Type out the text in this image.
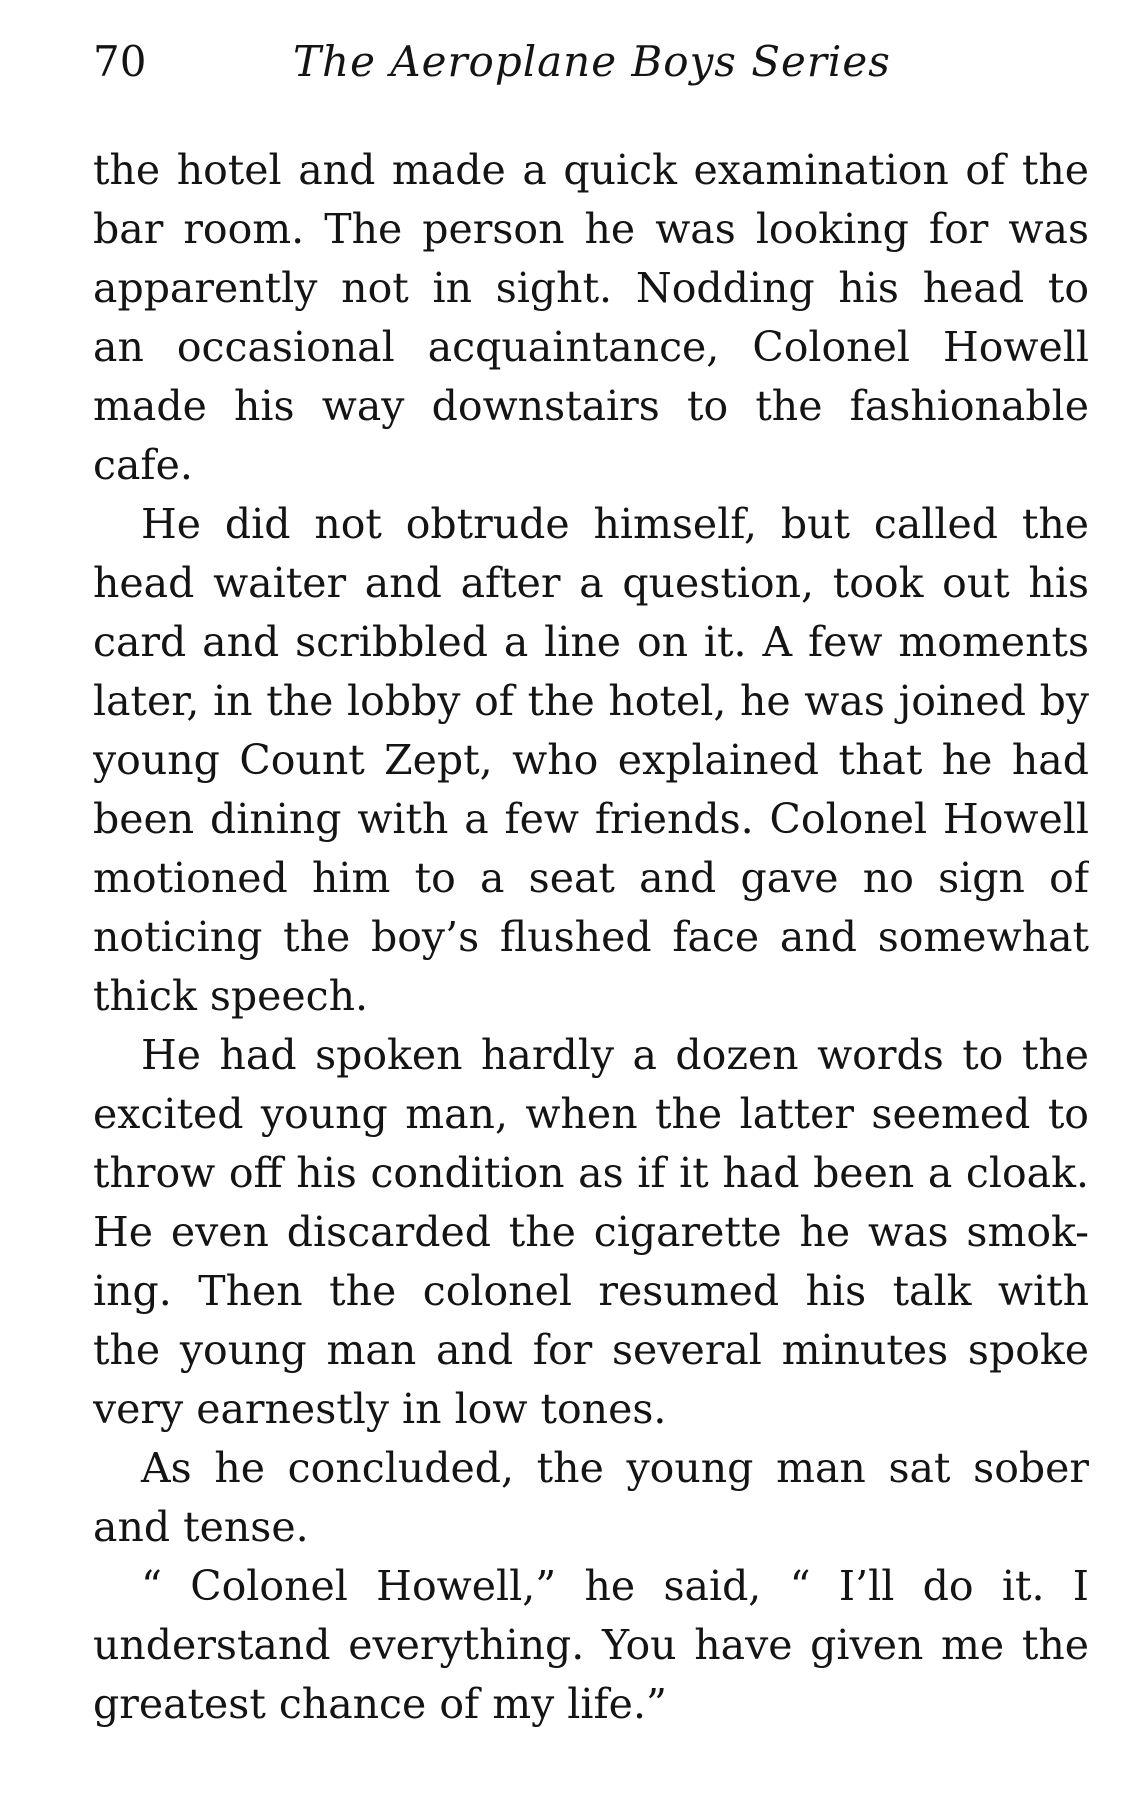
70	The Aeroplane Boys Series
the hotel and made a quick examination of the
bar room. The person he was looking for was
apparently not in sight. Nodding his head to
an occasional acquaintance, Colonel Howell
made his way downstairs to the fashionable
cafe.
He did not obtrude himself, but called the
head waiter and after a question, took out his
card and scribbled a line on it. A few moments
later, in the lobby of the hotel, he was joined by
young Count Zept, who explained that he had
been dining with a few friends. Colonel Howell
motioned him to a seat and gave no sign of
noticing the boy’s flushed face and somewhat
thick speech.
He had spoken hardly a dozen words to the
excited young man, when the latter seemed to
throw off his condition as if it had been a cloak.
He even discarded the cigarette he was smok-
ing. Then the colonel resumed his talk with
the young man and for several minutes spoke
very earnestly in low tones.
As he concluded, the young man sat sober
and tense.
“ Colonel Howell,” he said, “ I’ll do it. I
understand everything. You have given me the
greatest chance of my life.”
